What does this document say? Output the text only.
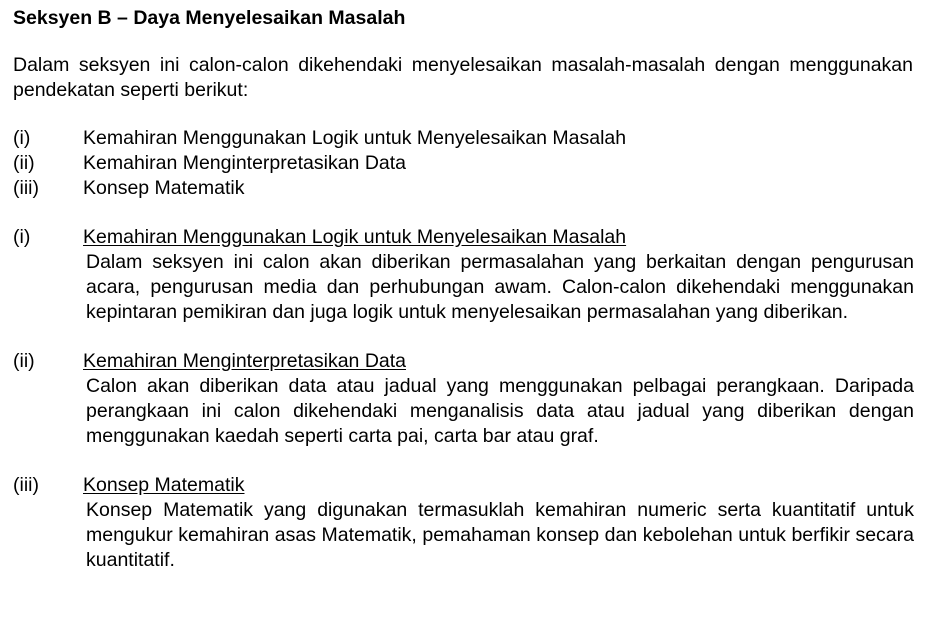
Seksyen B – Daya Menyelesaikan Masalah
Dalam seksyen ini calon-calon dikehendaki menyelesaikan masalah-masalah dengan menggunakan pendekatan seperti berikut:
(i)	Kemahiran Menggunakan Logik untuk Menyelesaikan Masalah
(ii)	Kemahiran Menginterpretasikan Data
(iii)	Konsep Matematik
(i)	Kemahiran Menggunakan Logik untuk Menyelesaikan Masalah
Dalam seksyen ini calon akan diberikan permasalahan yang berkaitan dengan pengurusan acara, pengurusan media dan perhubungan awam. Calon-calon dikehendaki menggunakan kepintaran pemikiran dan juga logik untuk menyelesaikan permasalahan yang diberikan.
(ii)	Kemahiran Menginterpretasikan Data
Calon akan diberikan data atau jadual yang menggunakan pelbagai perangkaan. Daripada perangkaan ini calon dikehendaki menganalisis data atau jadual yang diberikan dengan menggunakan kaedah seperti carta pai, carta bar atau graf.
(iii)	Konsep Matematik
Konsep Matematik yang digunakan termasuklah kemahiran numeric serta kuantitatif untuk mengukur kemahiran asas Matematik, pemahaman konsep dan kebolehan untuk berfikir secara kuantitatif.
